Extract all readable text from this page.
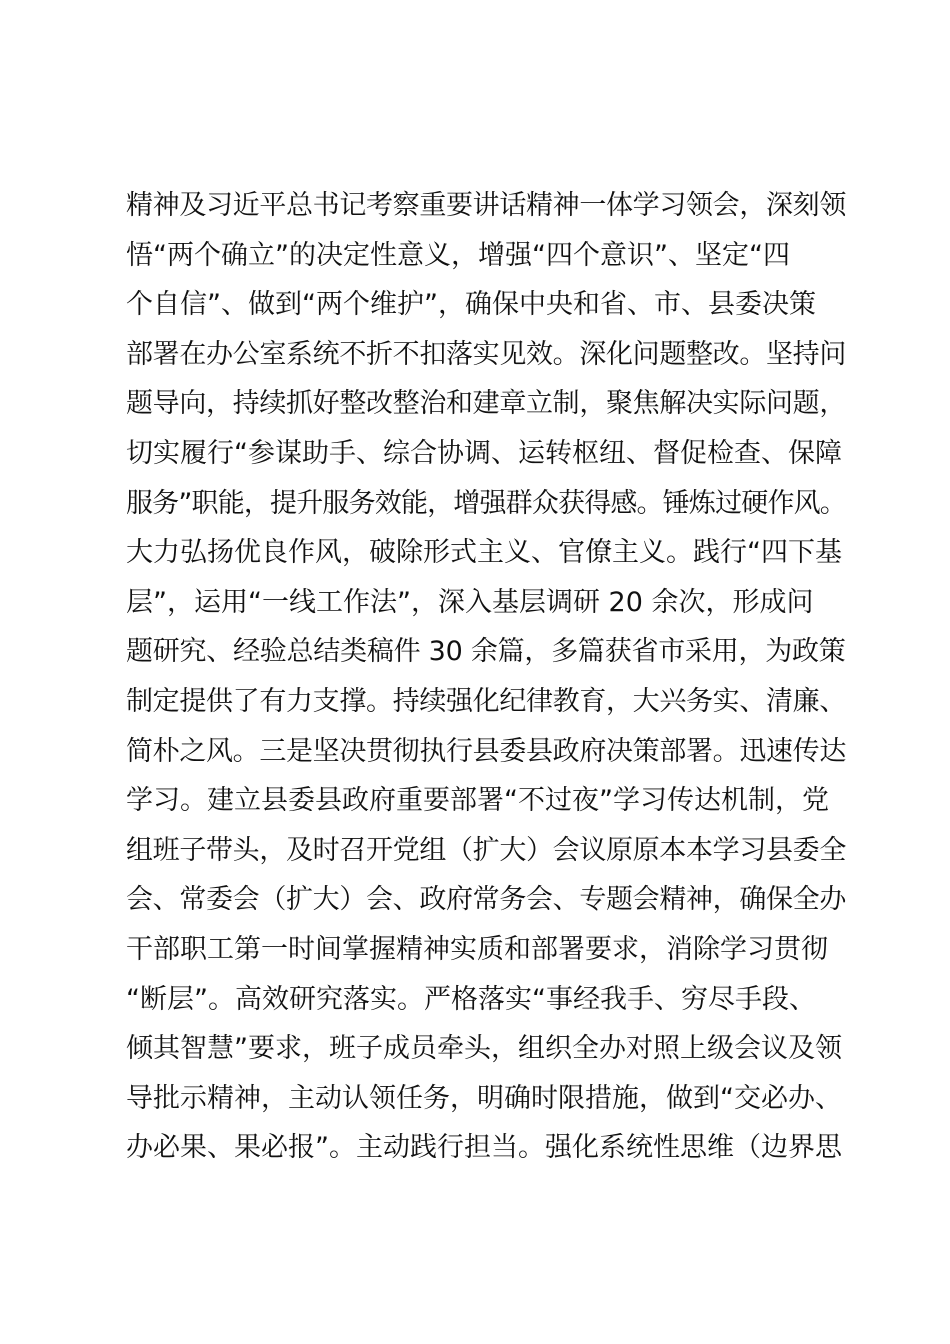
精神及习近平总书记考察重要讲话精神一体学习领会，深刻领
悟“两个确立”的决定性意义，增强“四个意识”、坚定“四
个自信”、做到“两个维护”，确保中央和省、市、县委决策
部署在办公室系统不折不扣落实见效。深化问题整改。坚持问
题导向，持续抓好整改整治和建章立制，聚焦解决实际问题，
切实履行“参谋助手、综合协调、运转枢纽、督促检查、保障
服务”职能，提升服务效能，增强群众获得感。锤炼过硬作风。
大力弘扬优良作风，破除形式主义、官僚主义。践行“四下基
层”，运用“一线工作法”，深入基层调研 20 余次，形成问
题研究、经验总结类稿件 30 余篇，多篇获省市采用，为政策
制定提供了有力支撑。持续强化纪律教育，大兴务实、清廉、
简朴之风。三是坚决贯彻执行县委县政府决策部署。迅速传达
学习。建立县委县政府重要部署“不过夜”学习传达机制，党
组班子带头，及时召开党组（扩大）会议原原本本学习县委全
会、常委会（扩大）会、政府常务会、专题会精神，确保全办
干部职工第一时间掌握精神实质和部署要求，消除学习贯彻
“断层”。高效研究落实。严格落实“事经我手、穷尽手段、
倾其智慧”要求，班子成员牵头，组织全办对照上级会议及领
导批示精神，主动认领任务，明确时限措施，做到“交必办、
办必果、果必报”。主动践行担当。强化系统性思维（边界思
